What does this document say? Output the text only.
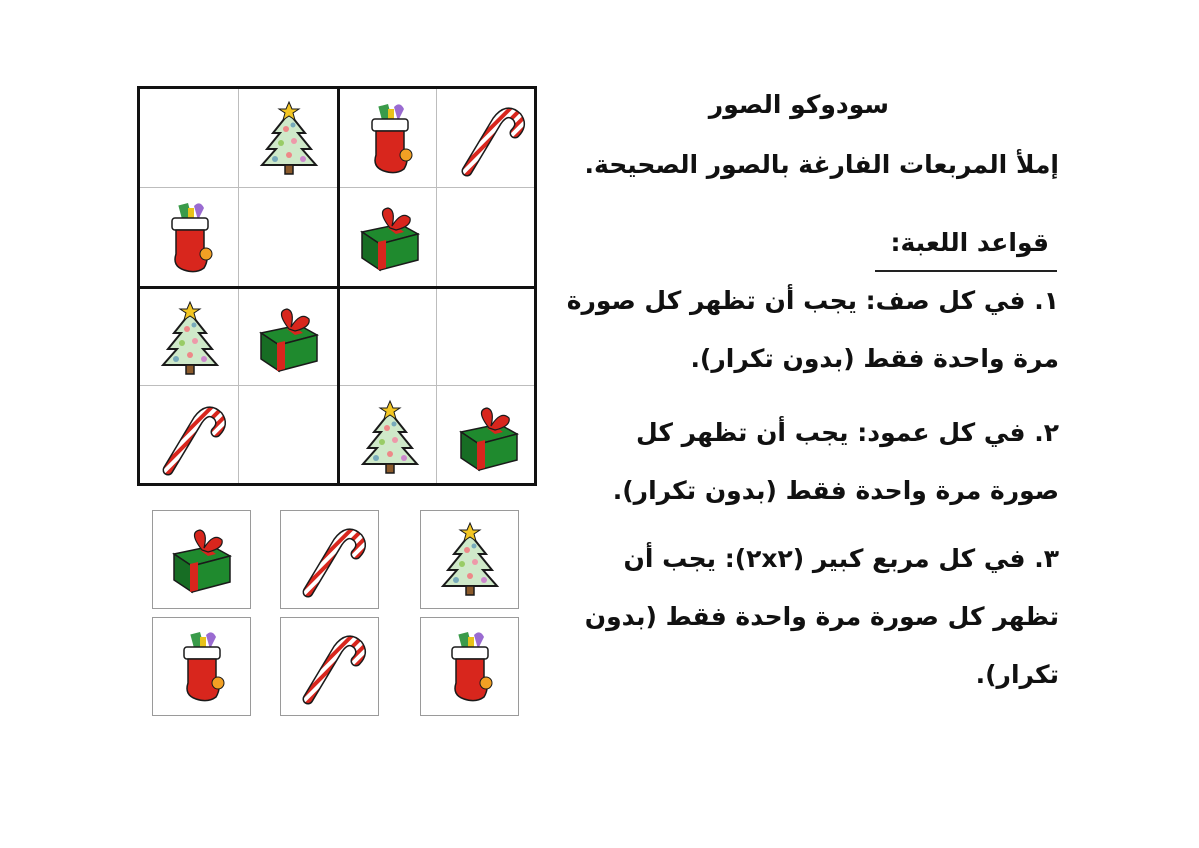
سودوكو الصور

إملأ المربعات الفارغة بالصور الصحيحة.

قواعد اللعبة:

١. في كل صف: يجب أن تظهر كل صورة مرة واحدة فقط (بدون تكرار).

٢. في كل عمود: يجب أن تظهر كل صورة مرة واحدة فقط (بدون تكرار).

٣. في كل مربع كبير (٢x٢): يجب أن تظهر كل صورة مرة واحدة فقط (بدون تكرار).
